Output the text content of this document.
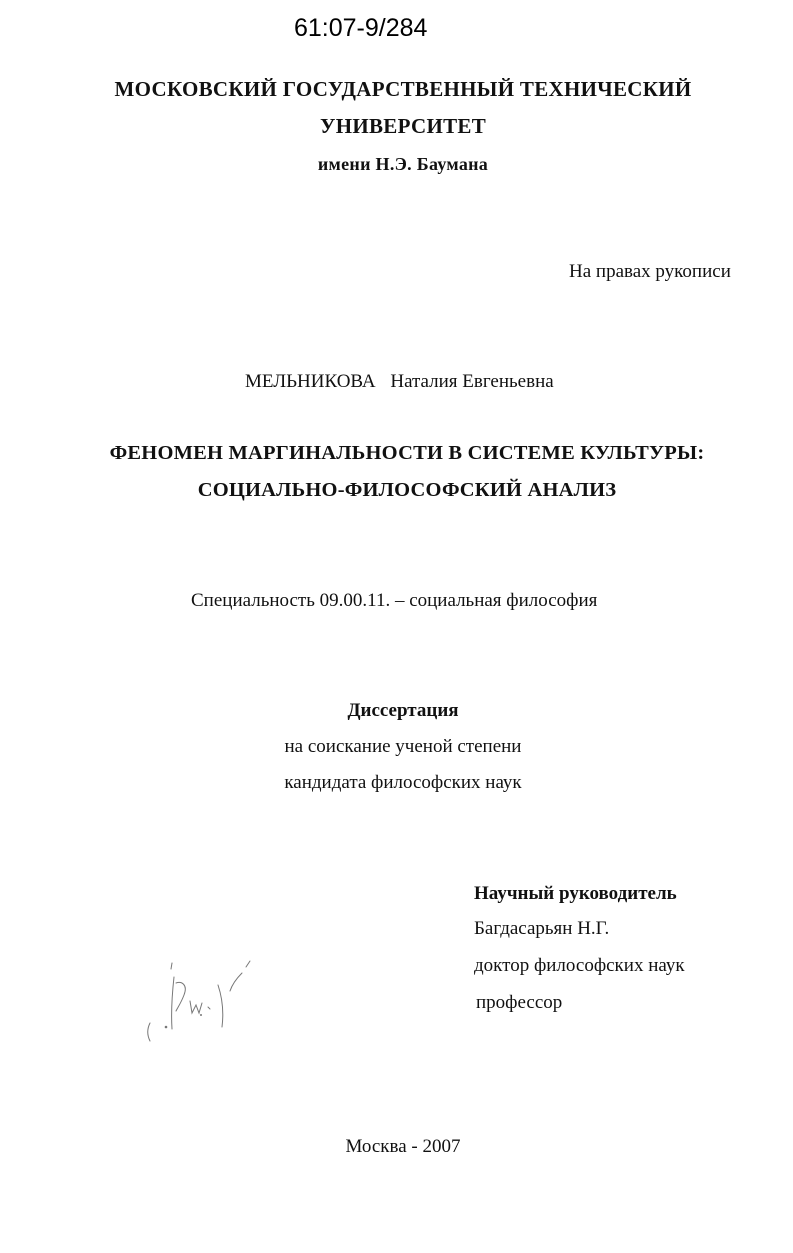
61:07-9/284
МОСКОВСКИЙ ГОСУДАРСТВЕННЫЙ ТЕХНИЧЕСКИЙ
УНИВЕРСИТЕТ
имени Н.Э. Баумана
На правах рукописи
МЕЛЬНИКОВА Наталия Евгеньевна
ФЕНОМЕН МАРГИНАЛЬНОСТИ В СИСТЕМЕ КУЛЬТУРЫ:
СОЦИАЛЬНО-ФИЛОСОФСКИЙ АНАЛИЗ
Специальность 09.00.11. – социальная философия
Диссертация
на соискание ученой степени
кандидата философских наук
Научный руководитель
Багдасарьян Н.Г.
доктор философских наук
профессор
Москва - 2007
